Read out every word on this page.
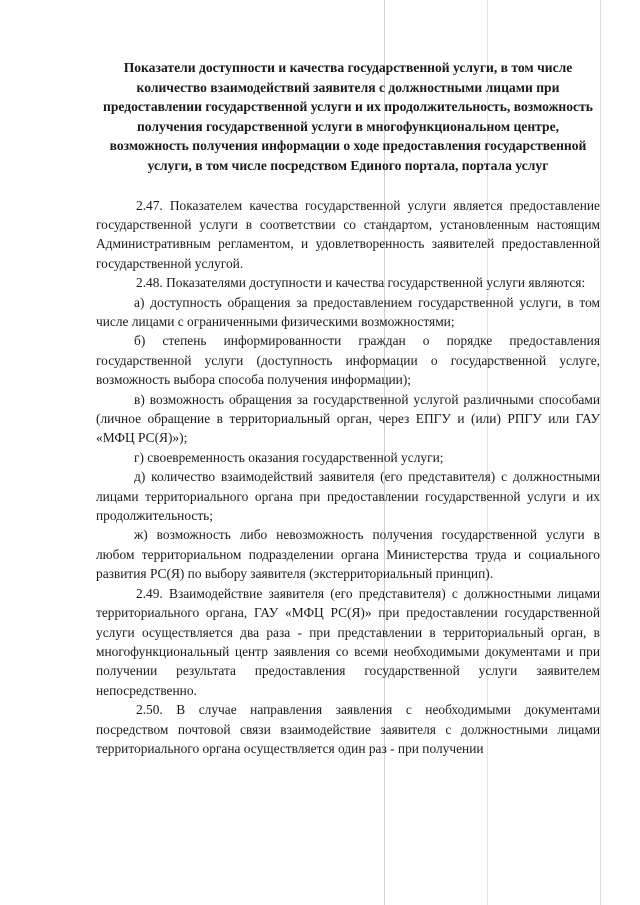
Показатели доступности и качества государственной услуги, в том числе количество взаимодействий заявителя с должностными лицами при предоставлении государственной услуги и их продолжительность, возможность получения государственной услуги в многофункциональном центре, возможность получения информации о ходе предоставления государственной услуги, в том числе посредством Единого портала, портала услуг

2.47. Показателем качества государственной услуги является предоставление государственной услуги в соответствии со стандартом, установленным настоящим Административным регламентом, и удовлетворенность заявителей предоставленной государственной услугой.

2.48. Показателями доступности и качества государственной услуги являются:

а) доступность обращения за предоставлением государственной услуги, в том числе лицами с ограниченными физическими возможностями;

б) степень информированности граждан о порядке предоставления государственной услуги (доступность информации о государственной услуге, возможность выбора способа получения информации);

в) возможность обращения за государственной услугой различными способами (личное обращение в территориальный орган, через ЕПГУ и (или) РПГУ или ГАУ «МФЦ РС(Я)»);

г) своевременность оказания государственной услуги;

д) количество взаимодействий заявителя (его представителя) с должностными лицами территориального органа при предоставлении государственной услуги и их продолжительность;

ж) возможность либо невозможность получения государственной услуги в любом территориальном подразделении органа Министерства труда и социального развития РС(Я) по выбору заявителя (экстерриториальный принцип).

2.49. Взаимодействие заявителя (его представителя) с должностными лицами территориального органа, ГАУ «МФЦ РС(Я)» при предоставлении государственной услуги осуществляется два раза - при представлении в территориальный орган, в многофункциональный центр заявления со всеми необходимыми документами и при получении результата предоставления государственной услуги заявителем непосредственно.

2.50. В случае направления заявления с необходимыми документами посредством почтовой связи взаимодействие заявителя с должностными лицами территориального органа осуществляется один раз - при получении
